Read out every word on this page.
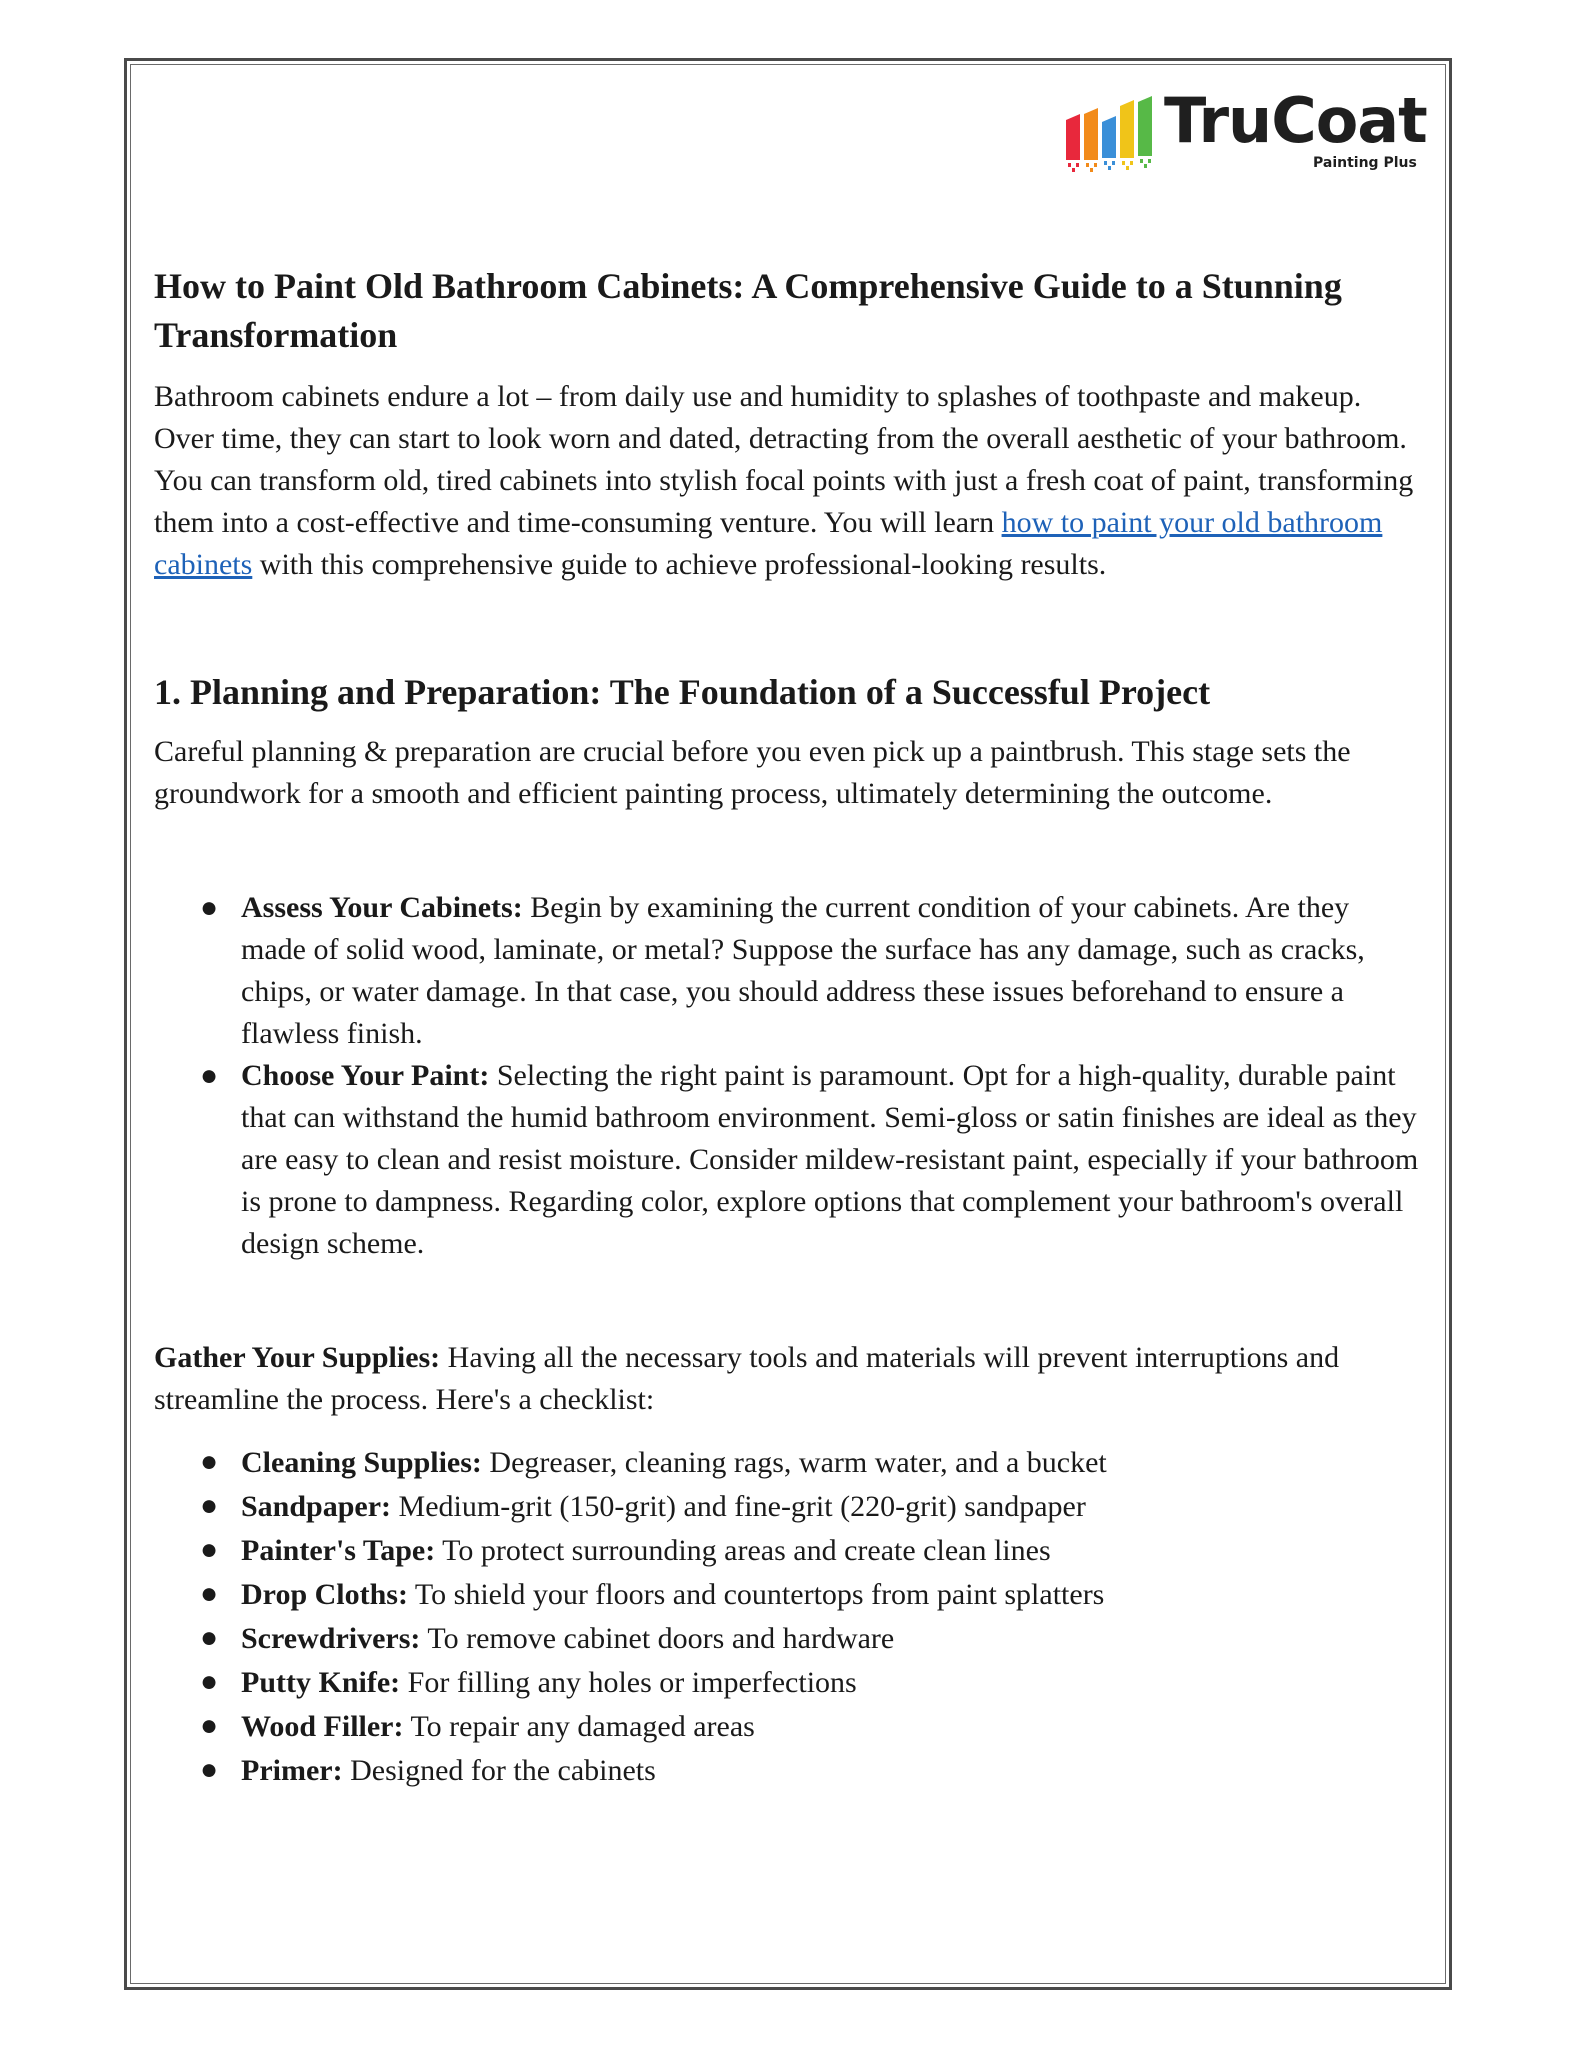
TruCoat
Painting Plus
How to Paint Old Bathroom Cabinets: A Comprehensive Guide to a Stunning Transformation

Bathroom cabinets endure a lot – from daily use and humidity to splashes of toothpaste and makeup. Over time, they can start to look worn and dated, detracting from the overall aesthetic of your bathroom. You can transform old, tired cabinets into stylish focal points with just a fresh coat of paint, transforming them into a cost-effective and time-consuming venture. You will learn how to paint your old bathroom cabinets with this comprehensive guide to achieve professional-looking results.

1. Planning and Preparation: The Foundation of a Successful Project

Careful planning & preparation are crucial before you even pick up a paintbrush. This stage sets the groundwork for a smooth and efficient painting process, ultimately determining the outcome.

● Assess Your Cabinets: Begin by examining the current condition of your cabinets. Are they made of solid wood, laminate, or metal? Suppose the surface has any damage, such as cracks, chips, or water damage. In that case, you should address these issues beforehand to ensure a flawless finish.
● Choose Your Paint: Selecting the right paint is paramount. Opt for a high-quality, durable paint that can withstand the humid bathroom environment. Semi-gloss or satin finishes are ideal as they are easy to clean and resist moisture. Consider mildew-resistant paint, especially if your bathroom is prone to dampness. Regarding color, explore options that complement your bathroom's overall design scheme.

Gather Your Supplies: Having all the necessary tools and materials will prevent interruptions and streamline the process. Here's a checklist:

● Cleaning Supplies: Degreaser, cleaning rags, warm water, and a bucket
● Sandpaper: Medium-grit (150-grit) and fine-grit (220-grit) sandpaper
● Painter's Tape: To protect surrounding areas and create clean lines
● Drop Cloths: To shield your floors and countertops from paint splatters
● Screwdrivers: To remove cabinet doors and hardware
● Putty Knife: For filling any holes or imperfections
● Wood Filler: To repair any damaged areas
● Primer: Designed for the cabinets
